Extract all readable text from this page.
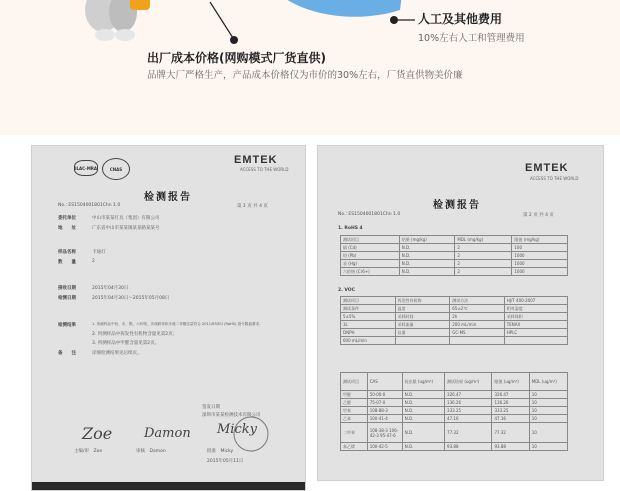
人工及其他费用
10%左右人工和管理费用
出厂成本价格(网购模式厂货直供)
品牌大厂严格生产，产品成本价格仅为市价的30%左右，厂货直供物美价廉
ILAC-MRA	CNAS
EMTEK
ACCESS TO THE WORLD
检测报告
No.: ES1504001801Chn 1.0	第 1 页 共 4 页
委托单位	中山市某某灯具（集团）有限公司
地　　址	广东省中山市某某镇某某路某某号
样品名称	卡通灯
数　　量	2
接收日期	2015年04月30日
检测日期	2015年04月30日～2015年05月08日
检测结果	1. 所测样品中铅、汞、镉、六价铬、多溴联苯和多溴二苯醚含量符合 2011/65/EU (RoHS) 指令限值要求；
2. 所测样品中挥发性有机物含量见第2页；
3. 所测样品中甲醛含量见第2页。
备　　注	详细检测结果见后续页。
签发日期
深圳市某某检测技术有限公司
Zoe Damon Micky
主编/审　Zoe	审核　Damon	批准　Micky
2015年05月11日
EMTEK
ACCESS TO THE WORLD
检测报告
No.: ES1504001801Chn 1.0	第 2 页 共 4 页
1. RoHS 4
测试项目	结果 (mg/kg)	MDL (mg/kg)	限值 (mg/kg)
镉 (Cd)	N.D.	2	100
铅 (Pb)	N.D.	2	1000
汞 (Hg)	N.D.	2	1000
六价铬 (Cr6+)	N.D.	2	1000
2. VOC
测试项目	挥发性有机物	测试方法	HJ/T 400-2007
测试条件	温度	65±2℃	相对湿度
5±5%	采样时间	2h	采样体积
3L	采样流量	200 mL/min	TENAX
DNPH	仪器	GC-MS	HPLC
600 mL/min			
测试项目	CAS	检出限 (ug/m³)	测试结果 (ug/m³)	限值 (ug/m³)	MDL (ug/m³)
甲醛	50-00-0	N.D.	326.47	326.47	10
乙醛	75-07-0	N.D.	136.26	136.26	10
甲苯	108-88-3	N.D.	333.25	333.25	10
乙苯	100-41-4	N.D.	47.16	47.16	10
二甲苯	108-38-3 106-42-3 95-47-6	N.D.	77.32	77.32	10
苯乙烯	100-42-5	N.D.	93.88	93.88	10
